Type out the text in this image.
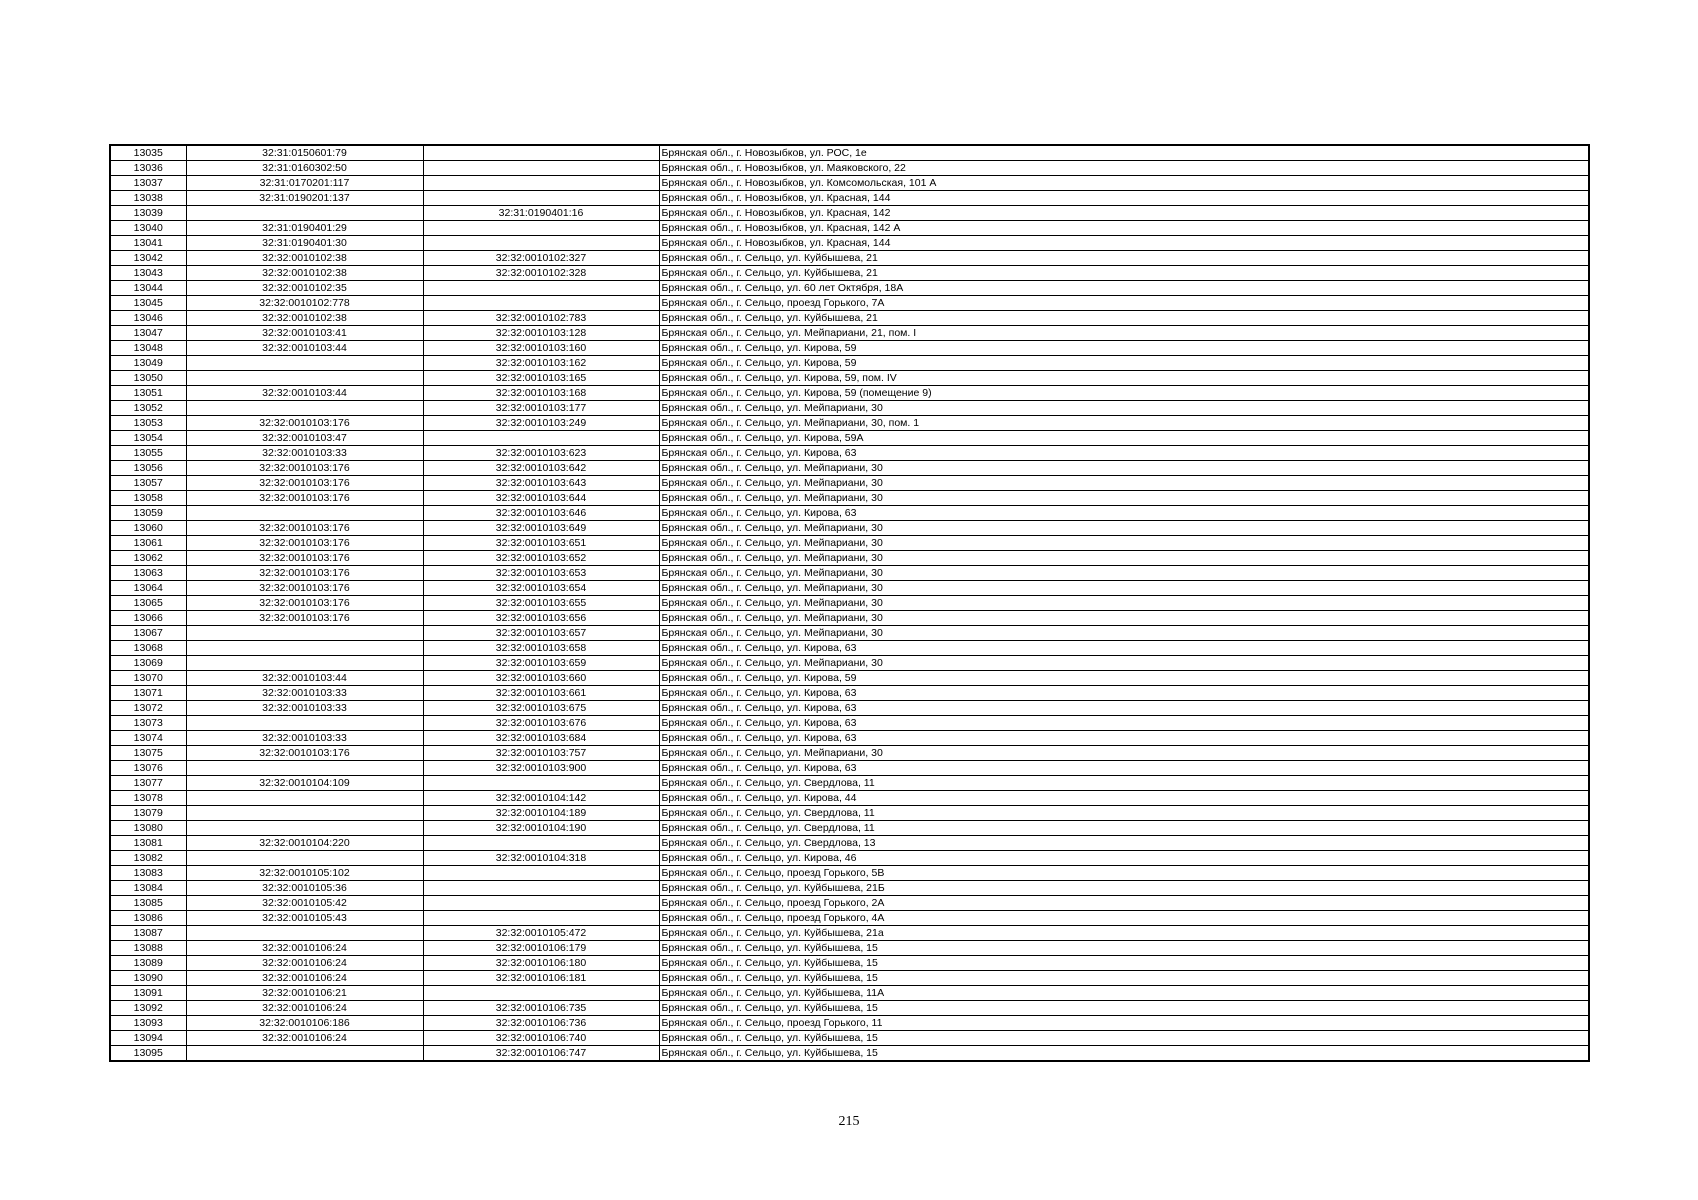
13035	32:31:0150601:79		Брянская обл., г. Новозыбков, ул. РОС, 1е
13036	32:31:0160302:50		Брянская обл., г. Новозыбков, ул. Маяковского, 22
13037	32:31:0170201:117		Брянская обл., г. Новозыбков, ул. Комсомольская, 101 А
13038	32:31:0190201:137		Брянская обл., г. Новозыбков, ул. Красная, 144
13039		32:31:0190401:16	Брянская обл., г. Новозыбков, ул. Красная, 142
13040	32:31:0190401:29		Брянская обл., г. Новозыбков, ул. Красная, 142 А
13041	32:31:0190401:30		Брянская обл., г. Новозыбков, ул. Красная, 144
13042	32:32:0010102:38	32:32:0010102:327	Брянская обл., г. Сельцо, ул. Куйбышева, 21
13043	32:32:0010102:38	32:32:0010102:328	Брянская обл., г. Сельцо, ул. Куйбышева, 21
13044	32:32:0010102:35		Брянская обл., г. Сельцо, ул. 60 лет Октября, 18А
13045	32:32:0010102:778		Брянская обл., г. Сельцо, проезд Горького, 7А
13046	32:32:0010102:38	32:32:0010102:783	Брянская обл., г. Сельцо, ул. Куйбышева, 21
13047	32:32:0010103:41	32:32:0010103:128	Брянская обл., г. Сельцо, ул. Мейпариани, 21, пом. I
13048	32:32:0010103:44	32:32:0010103:160	Брянская обл., г. Сельцо, ул. Кирова, 59
13049		32:32:0010103:162	Брянская обл., г. Сельцо, ул. Кирова, 59
13050		32:32:0010103:165	Брянская обл., г. Сельцо, ул. Кирова, 59, пом. IV
13051	32:32:0010103:44	32:32:0010103:168	Брянская обл., г. Сельцо, ул. Кирова, 59 (помещение 9)
13052		32:32:0010103:177	Брянская обл., г. Сельцо, ул. Мейпариани, 30
13053	32:32:0010103:176	32:32:0010103:249	Брянская обл., г. Сельцо, ул. Мейпариани, 30, пом. 1
13054	32:32:0010103:47		Брянская обл., г. Сельцо, ул. Кирова, 59А
13055	32:32:0010103:33	32:32:0010103:623	Брянская обл., г. Сельцо, ул. Кирова, 63
13056	32:32:0010103:176	32:32:0010103:642	Брянская обл., г. Сельцо, ул. Мейпариани, 30
13057	32:32:0010103:176	32:32:0010103:643	Брянская обл., г. Сельцо, ул. Мейпариани, 30
13058	32:32:0010103:176	32:32:0010103:644	Брянская обл., г. Сельцо, ул. Мейпариани, 30
13059		32:32:0010103:646	Брянская обл., г. Сельцо, ул. Кирова, 63
13060	32:32:0010103:176	32:32:0010103:649	Брянская обл., г. Сельцо, ул. Мейпариани, 30
13061	32:32:0010103:176	32:32:0010103:651	Брянская обл., г. Сельцо, ул. Мейпариани, 30
13062	32:32:0010103:176	32:32:0010103:652	Брянская обл., г. Сельцо, ул. Мейпариани, 30
13063	32:32:0010103:176	32:32:0010103:653	Брянская обл., г. Сельцо, ул. Мейпариани, 30
13064	32:32:0010103:176	32:32:0010103:654	Брянская обл., г. Сельцо, ул. Мейпариани, 30
13065	32:32:0010103:176	32:32:0010103:655	Брянская обл., г. Сельцо, ул. Мейпариани, 30
13066	32:32:0010103:176	32:32:0010103:656	Брянская обл., г. Сельцо, ул. Мейпариани, 30
13067		32:32:0010103:657	Брянская обл., г. Сельцо, ул. Мейпариани, 30
13068		32:32:0010103:658	Брянская обл., г. Сельцо, ул. Кирова, 63
13069		32:32:0010103:659	Брянская обл., г. Сельцо, ул. Мейпариани, 30
13070	32:32:0010103:44	32:32:0010103:660	Брянская обл., г. Сельцо, ул. Кирова, 59
13071	32:32:0010103:33	32:32:0010103:661	Брянская обл., г. Сельцо, ул. Кирова, 63
13072	32:32:0010103:33	32:32:0010103:675	Брянская обл., г. Сельцо, ул. Кирова, 63
13073		32:32:0010103:676	Брянская обл., г. Сельцо, ул. Кирова, 63
13074	32:32:0010103:33	32:32:0010103:684	Брянская обл., г. Сельцо, ул. Кирова, 63
13075	32:32:0010103:176	32:32:0010103:757	Брянская обл., г. Сельцо, ул. Мейпариани, 30
13076		32:32:0010103:900	Брянская обл., г. Сельцо, ул. Кирова, 63
13077	32:32:0010104:109		Брянская обл., г. Сельцо, ул. Свердлова, 11
13078		32:32:0010104:142	Брянская обл., г. Сельцо, ул. Кирова, 44
13079		32:32:0010104:189	Брянская обл., г. Сельцо, ул. Свердлова, 11
13080		32:32:0010104:190	Брянская обл., г. Сельцо, ул. Свердлова, 11
13081	32:32:0010104:220		Брянская обл., г. Сельцо, ул. Свердлова, 13
13082		32:32:0010104:318	Брянская обл., г. Сельцо, ул. Кирова, 46
13083	32:32:0010105:102		Брянская обл., г. Сельцо, проезд Горького, 5В
13084	32:32:0010105:36		Брянская обл., г. Сельцо, ул. Куйбышева, 21Б
13085	32:32:0010105:42		Брянская обл., г. Сельцо, проезд Горького, 2А
13086	32:32:0010105:43		Брянская обл., г. Сельцо, проезд Горького, 4А
13087		32:32:0010105:472	Брянская обл., г. Сельцо, ул. Куйбышева, 21а
13088	32:32:0010106:24	32:32:0010106:179	Брянская обл., г. Сельцо, ул. Куйбышева, 15
13089	32:32:0010106:24	32:32:0010106:180	Брянская обл., г. Сельцо, ул. Куйбышева, 15
13090	32:32:0010106:24	32:32:0010106:181	Брянская обл., г. Сельцо, ул. Куйбышева, 15
13091	32:32:0010106:21		Брянская обл., г. Сельцо, ул. Куйбышева, 11А
13092	32:32:0010106:24	32:32:0010106:735	Брянская обл., г. Сельцо, ул. Куйбышева, 15
13093	32:32:0010106:186	32:32:0010106:736	Брянская обл., г. Сельцо, проезд Горького, 11
13094	32:32:0010106:24	32:32:0010106:740	Брянская обл., г. Сельцо, ул. Куйбышева, 15
13095		32:32:0010106:747	Брянская обл., г. Сельцо, ул. Куйбышева, 15
215
